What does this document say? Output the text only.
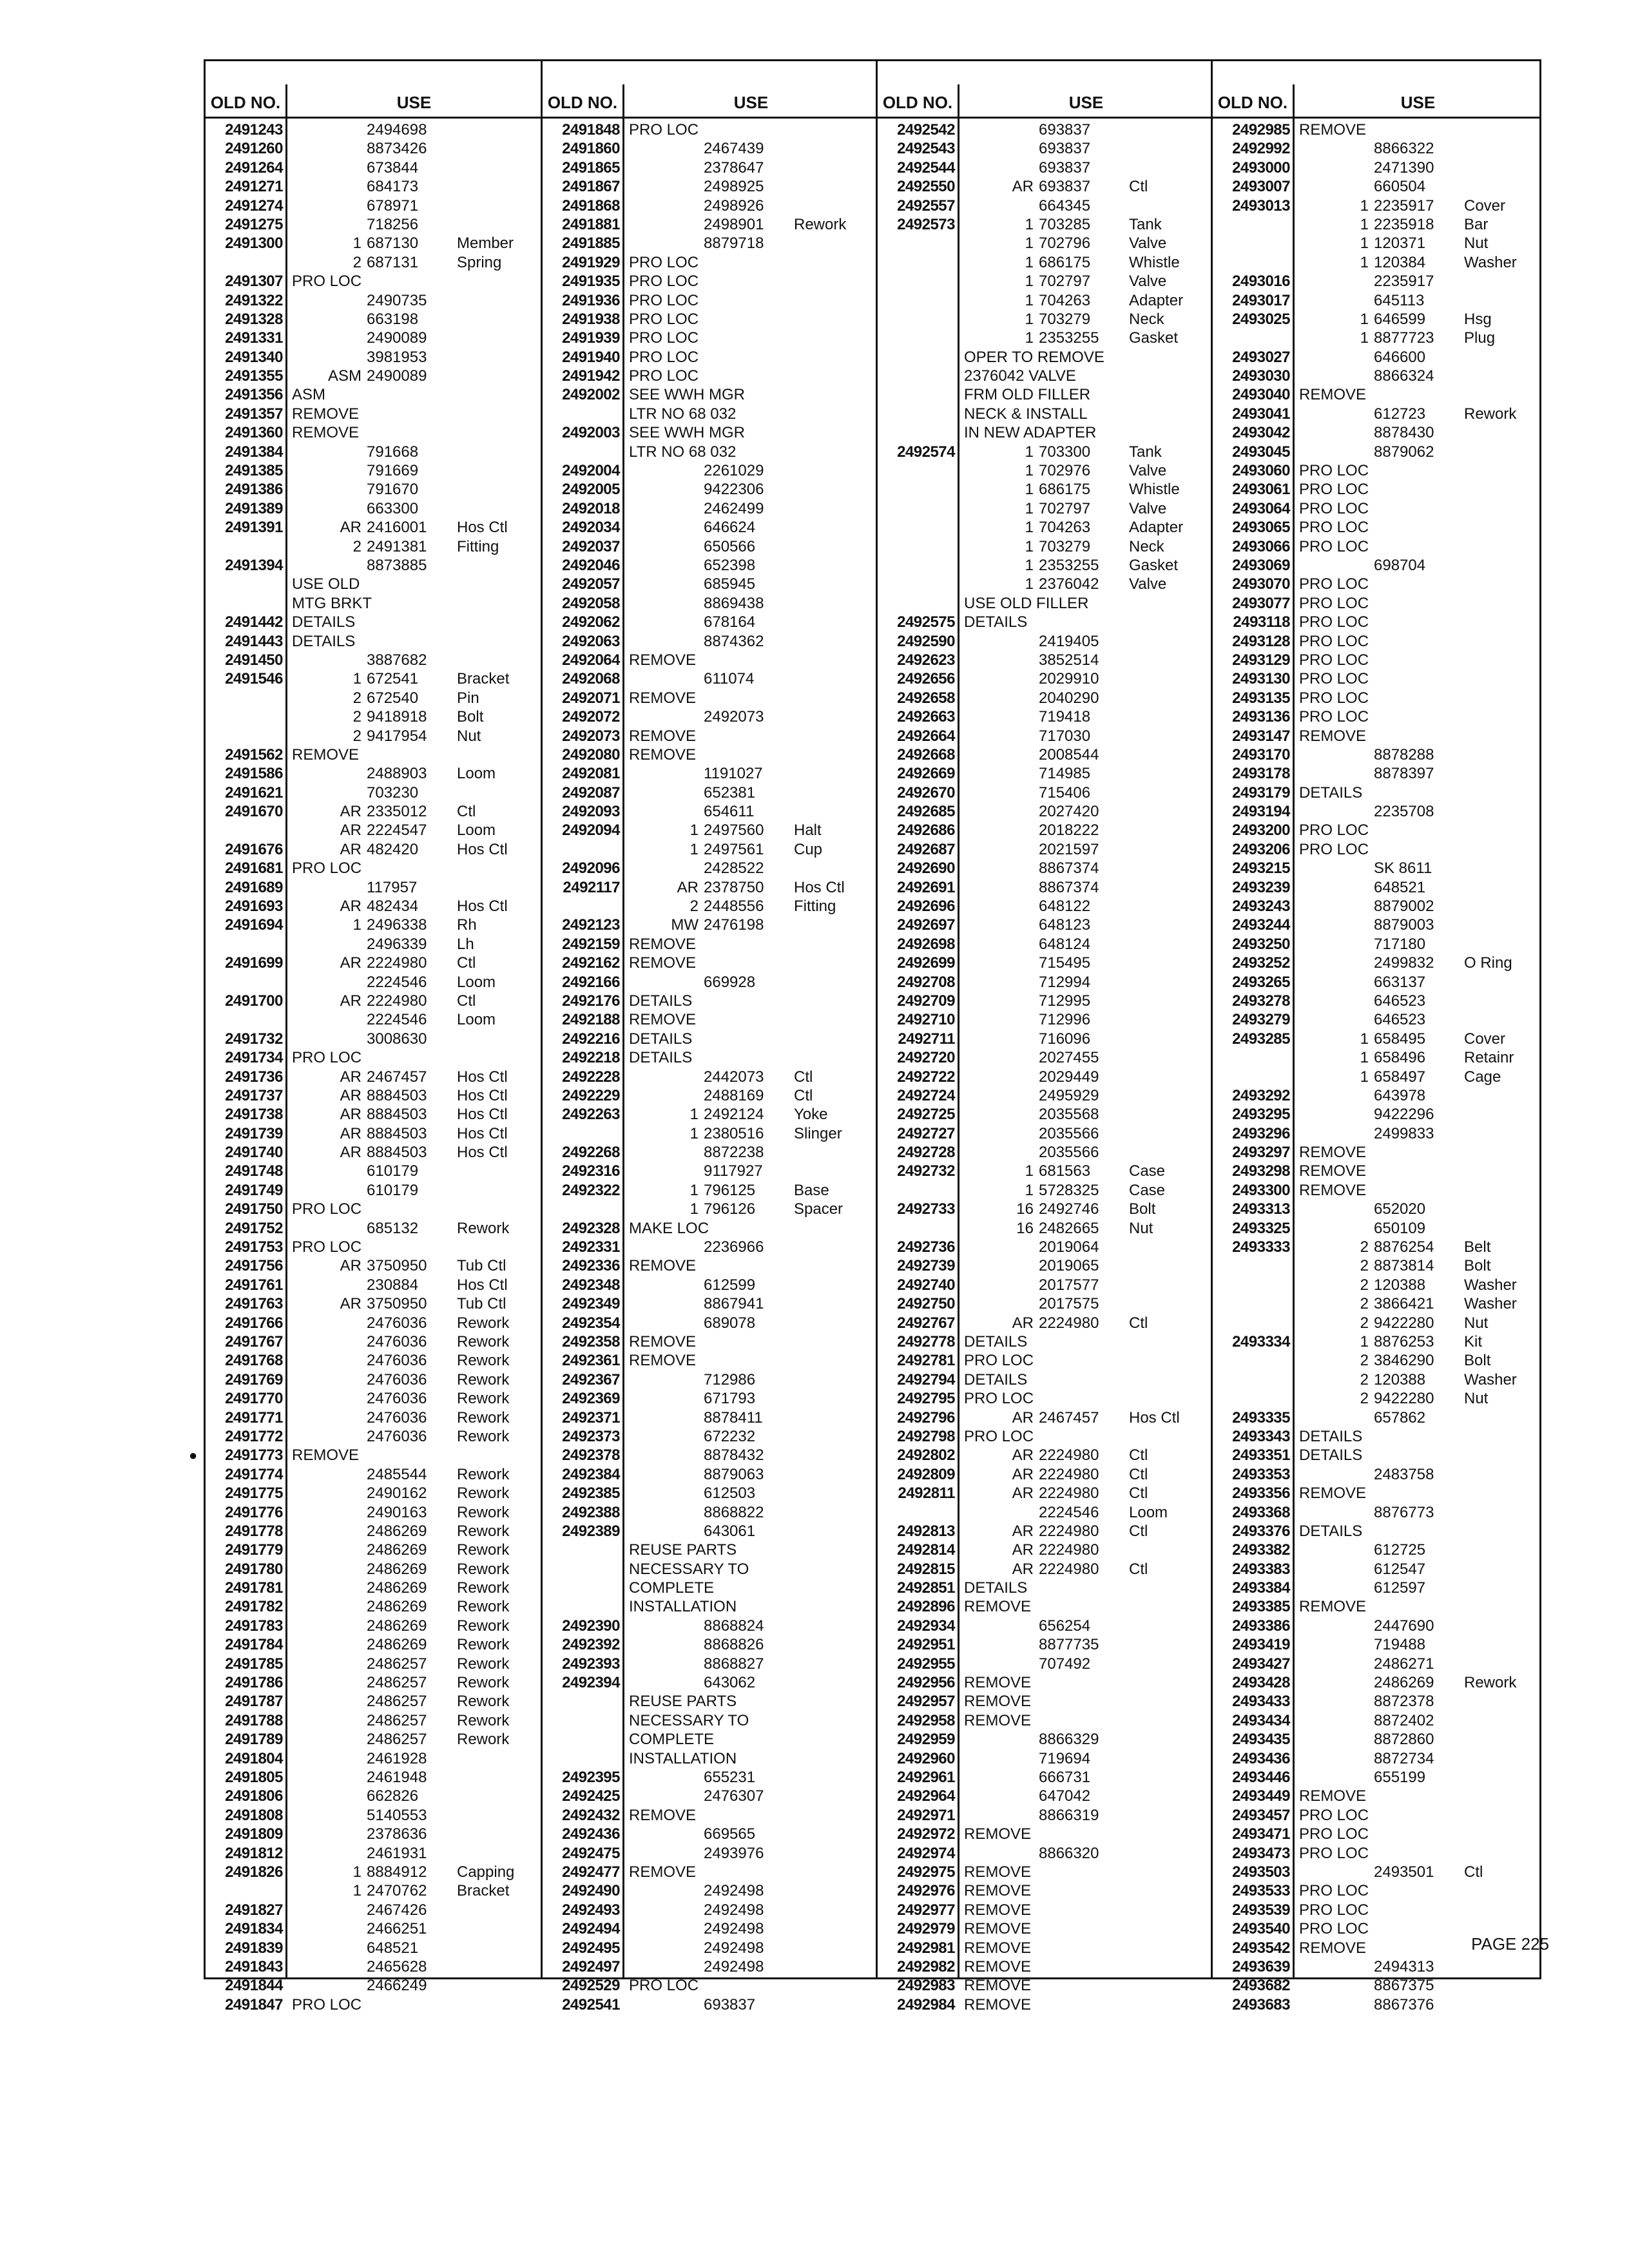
OLD NO.	USE
2491243	2494698
2491260	8873426
2491264	673844
2491271	684173
2491274	678971
2491275	718256
2491300	1 687130	Member
2 687131	Spring
2491307 PRO LOC
2491322	2490735
2491328	663198
2491331	2490089
2491340	3981953
2491355	ASM 2490089
2491356 ASM
2491357 REMOVE
2491360 REMOVE
2491384	791668
2491385	791669
2491386	791670
2491389	663300
2491391	AR 2416001	Hos Ctl
2 2491381	Fitting
2491394	8873885
USE OLD
MTG BRKT
2491442 DETAILS
2491443 DETAILS
2491450	3887682
2491546	1 672541	Bracket
2 672540	Pin
2 9418918	Bolt
2 9417954	Nut
2491562 REMOVE
2491586	2488903	Loom
2491621	703230
2491670	AR 2335012	Ctl
AR 2224547	Loom
2491676	AR 482420	Hos Ctl
2491681 PRO LOC
2491689	117957
2491693	AR 482434	Hos Ctl
2491694	1 2496338	Rh
2496339	Lh
2491699	AR 2224980	Ctl
2224546	Loom
2491700	AR 2224980	Ctl
2224546	Loom
2491732	3008630
2491734 PRO LOC
2491736	AR 2467457	Hos Ctl
2491737	AR 8884503	Hos Ctl
2491738	AR 8884503	Hos Ctl
2491739	AR 8884503	Hos Ctl
2491740	AR 8884503	Hos Ctl
2491748	610179
2491749	610179
2491750 PRO LOC
2491752	685132	Rework
2491753 PRO LOC
2491756	AR 3750950	Tub Ctl
2491761	230884	Hos Ctl
2491763	AR 3750950	Tub Ctl
2491766	2476036	Rework
2491767	2476036	Rework
2491768	2476036	Rework
2491769	2476036	Rework
2491770	2476036	Rework
2491771	2476036	Rework
2491772	2476036	Rework
2491773 REMOVE
●
2491774	2485544	Rework
2491775	2490162	Rework
2491776	2490163	Rework
2491778	2486269	Rework
2491779	2486269	Rework
2491780	2486269	Rework
2491781	2486269	Rework
2491782	2486269	Rework
2491783	2486269	Rework
2491784	2486269	Rework
2491785	2486257	Rework
2491786	2486257	Rework
2491787	2486257	Rework
2491788	2486257	Rework
2491789	2486257	Rework
2491804	2461928
2491805	2461948
2491806	662826
2491808	5140553
2491809	2378636
2491812	2461931
2491826	1 8884912	Capping
1 2470762	Bracket
2491827	2467426
2491834	2466251
2491839	648521
2491843	2465628
2491844	2466249
2491847 PRO LOC
OLD NO.	USE
2491848 PRO LOC
2491860	2467439
2491865	2378647
2491867	2498925
2491868	2498926
2491881	2498901	Rework
2491885	8879718
2491929 PRO LOC
2491935 PRO LOC
2491936 PRO LOC
2491938 PRO LOC
2491939 PRO LOC
2491940 PRO LOC
2491942 PRO LOC
2492002 SEE WWH MGR
LTR NO 68 032
2492003 SEE WWH MGR
LTR NO 68 032
2492004	2261029
2492005	9422306
2492018	2462499
2492034	646624
2492037	650566
2492046	652398
2492057	685945
2492058	8869438
2492062	678164
2492063	8874362
2492064 REMOVE
2492068	611074
2492071 REMOVE
2492072	2492073
2492073 REMOVE
2492080 REMOVE
2492081	1191027
2492087	652381
2492093	654611
2492094	1 2497560	Halt
1 2497561	Cup
2492096	2428522
2492117	AR 2378750	Hos Ctl
2 2448556	Fitting
2492123	MW 2476198
2492159 REMOVE
2492162 REMOVE
2492166	669928
2492176 DETAILS
2492188 REMOVE
2492216 DETAILS
2492218 DETAILS
2492228	2442073	Ctl
2492229	2488169	Ctl
2492263	1 2492124	Yoke
1 2380516	Slinger
2492268	8872238
2492316	9117927
2492322	1 796125	Base
1 796126	Spacer
2492328 MAKE LOC
2492331	2236966
2492336 REMOVE
2492348	612599
2492349	8867941
2492354	689078
2492358 REMOVE
2492361 REMOVE
2492367	712986
2492369	671793
2492371	8878411
2492373	672232
2492378	8878432
2492384	8879063
2492385	612503
2492388	8868822
2492389	643061
REUSE PARTS
NECESSARY TO
COMPLETE
INSTALLATION
2492390	8868824
2492392	8868826
2492393	8868827
2492394	643062
REUSE PARTS
NECESSARY TO
COMPLETE
INSTALLATION
2492395	655231
2492425	2476307
2492432 REMOVE
2492436	669565
2492475	2493976
2492477 REMOVE
2492490	2492498
2492493	2492498
2492494	2492498
2492495	2492498
2492497	2492498
2492529 PRO LOC
2492541	693837
OLD NO.	USE
2492542	693837
2492543	693837
2492544	693837
2492550	AR 693837	Ctl
2492557	664345
2492573	1 703285	Tank
1 702796	Valve
1 686175	Whistle
1 702797	Valve
1 704263	Adapter
1 703279	Neck
1 2353255	Gasket
OPER TO REMOVE
2376042 VALVE
FRM OLD FILLER
NECK & INSTALL
IN NEW ADAPTER
2492574	1 703300	Tank
1 702976	Valve
1 686175	Whistle
1 702797	Valve
1 704263	Adapter
1 703279	Neck
1 2353255	Gasket
1 2376042	Valve
USE OLD FILLER
2492575 DETAILS
2492590	2419405
2492623	3852514
2492656	2029910
2492658	2040290
2492663	719418
2492664	717030
2492668	2008544
2492669	714985
2492670	715406
2492685	2027420
2492686	2018222
2492687	2021597
2492690	8867374
2492691	8867374
2492696	648122
2492697	648123
2492698	648124
2492699	715495
2492708	712994
2492709	712995
2492710	712996
2492711	716096
2492720	2027455
2492722	2029449
2492724	2495929
2492725	2035568
2492727	2035566
2492728	2035566
2492732	1 681563	Case
1 5728325	Case
2492733	16 2492746	Bolt
16 2482665	Nut
2492736	2019064
2492739	2019065
2492740	2017577
2492750	2017575
2492767	AR 2224980	Ctl
2492778 DETAILS
2492781 PRO LOC
2492794 DETAILS
2492795 PRO LOC
2492796	AR 2467457	Hos Ctl
2492798 PRO LOC
2492802	AR 2224980	Ctl
2492809	AR 2224980	Ctl
2492811	AR 2224980	Ctl
2224546	Loom
2492813	AR 2224980	Ctl
2492814	AR 2224980
2492815	AR 2224980	Ctl
2492851 DETAILS
2492896 REMOVE
2492934	656254
2492951	8877735
2492955	707492
2492956 REMOVE
2492957 REMOVE
2492958 REMOVE
2492959	8866329
2492960	719694
2492961	666731
2492964	647042
2492971	8866319
2492972 REMOVE
2492974	8866320
2492975 REMOVE
2492976 REMOVE
2492977 REMOVE
2492979 REMOVE
2492981 REMOVE
2492982 REMOVE
2492983 REMOVE
2492984 REMOVE
OLD NO.	USE
2492985 REMOVE
2492992	8866322
2493000	2471390
2493007	660504
2493013	1 2235917	Cover
1 2235918	Bar
1 120371	Nut
1 120384	Washer
2493016	2235917
2493017	645113
2493025	1 646599	Hsg
1 8877723	Plug
2493027	646600
2493030	8866324
2493040 REMOVE
2493041	612723	Rework
2493042	8878430
2493045	8879062
2493060 PRO LOC
2493061 PRO LOC
2493064 PRO LOC
2493065 PRO LOC
2493066 PRO LOC
2493069	698704
2493070 PRO LOC
2493077 PRO LOC
2493118 PRO LOC
2493128 PRO LOC
2493129 PRO LOC
2493130 PRO LOC
2493135 PRO LOC
2493136 PRO LOC
2493147 REMOVE
2493170	8878288
2493178	8878397
2493179 DETAILS
2493194	2235708
2493200 PRO LOC
2493206 PRO LOC
2493215	SK 8611
2493239	648521
2493243	8879002
2493244	8879003
2493250	717180
2493252	2499832	O Ring
2493265	663137
2493278	646523
2493279	646523
2493285	1 658495	Cover
1 658496	Retainr
1 658497	Cage
2493292	643978
2493295	9422296
2493296	2499833
2493297 REMOVE
2493298 REMOVE
2493300 REMOVE
2493313	652020
2493325	650109
2493333	2 8876254	Belt
2 8873814	Bolt
2 120388	Washer
2 3866421	Washer
2 9422280	Nut
2493334	1 8876253	Kit
2 3846290	Bolt
2 120388	Washer
2 9422280	Nut
2493335	657862
2493343 DETAILS
2493351 DETAILS
2493353	2483758
2493356 REMOVE
2493368	8876773
2493376 DETAILS
2493382	612725
2493383	612547
2493384	612597
2493385 REMOVE
2493386	2447690
2493419	719488
2493427	2486271
2493428	2486269	Rework
2493433	8872378
2493434	8872402
2493435	8872860
2493436	8872734
2493446	655199
2493449 REMOVE
2493457 PRO LOC
2493471 PRO LOC
2493473 PRO LOC
2493503	2493501	Ctl
2493533 PRO LOC
2493539 PRO LOC
2493540 PRO LOC
2493542 REMOVE
2493639	2494313
2493682	8867375
2493683	8867376
PAGE 225
